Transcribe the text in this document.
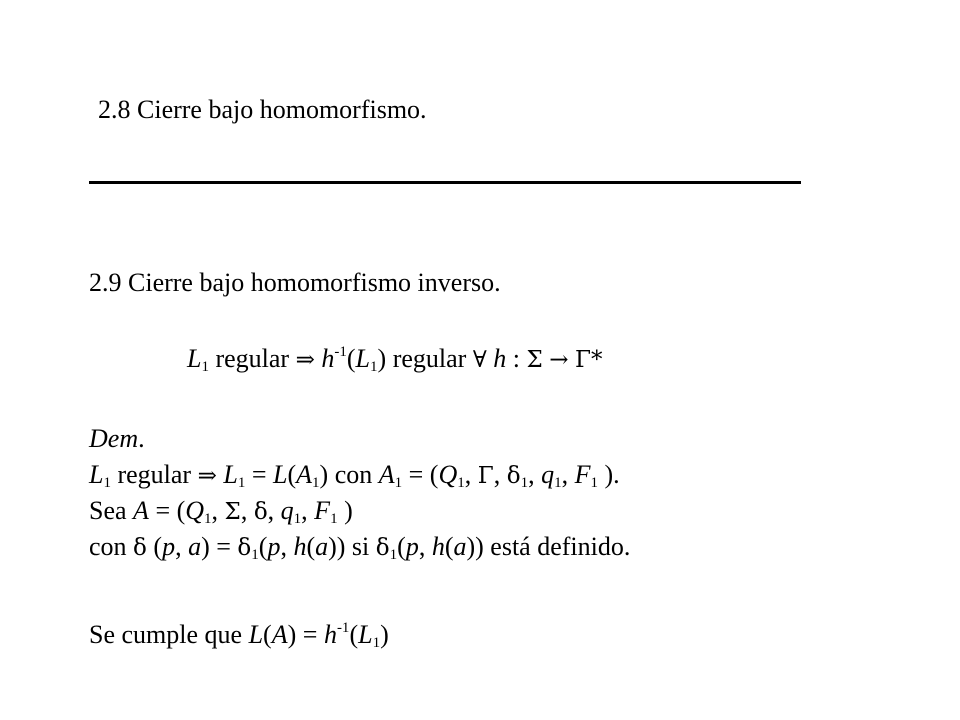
2.8 Cierre bajo homomorfismo.
2.9 Cierre bajo homomorfismo inverso.
$L_1$ regular ⇒ $h^{-1}(L_1)$ regular ∀ h : Σ → Γ*
Dem.
$L_1$ regular ⇒ $L_1 = L(A_1)$ con $A_1 = (Q_1$, Γ, $\delta_1$, $q_1$, $F_1$ ).
Sea $A = (Q_1$, Σ, δ, $q_1$, $F_1$ )
con δ (p, $a) = \delta_1(p$, h(a)) si $\delta_1(p$, h(a)) está definido.
Se cumple que $L(A) = h^{-1}(L_1)$
